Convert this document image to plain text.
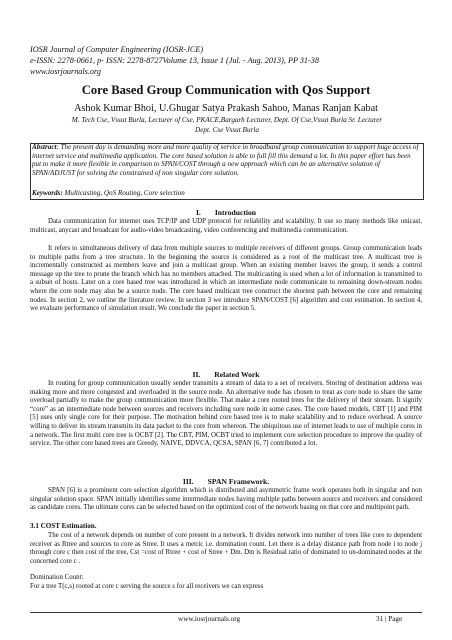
IOSR Journal of Computer Engineering (IOSR-JCE)
e-ISSN: 2278-0661, p- ISSN: 2278-8727Volume 13, Issue 1 (Jul. - Aug. 2013), PP 31-38
www.iosrjournals.org
Core Based Group Communication with Qos Support
Ashok Kumar Bhoi, U.Ghugar Satya Prakash Sahoo, Manas Ranjan Kabat
M. Tech Cse, Vssut Burla, Lecturer of Cse, PKACE,Bargarh Lecturer, Dept. Of Cse,Vssut Burla Sr. Lecturer
Dept. Cse Vssut Burla
Abstract: The present day is demanding more and more quality of service in broadband group communication to support huge access of internet service and multimedia application. The core based solution is able to full fill this demand a lot. In this paper effort has been put to make it more flexible in comparison to SPAN/COST through a new approach which can be an alternative solution of SPAN/ADJUST for solving the constrained of non singular core solution.
Keywords: Multicasting, QoS Routing, Core selection
I. Introduction
Data communication for internet uses TCP/IP and UDP protocol for reliability and scalability. It use so many methods like unicast, multicast, anycast and broadcast for audio-video broadcasting, video conferencing and multimedia communication.
It refers to simultaneous delivery of data from multiple sources to multiple receivers of different groups. Group communication leads to multiple paths from a tree structure. In the beginning the source is considered as a root of the multicast tree. A multicast tree is incrementally constructed as members leave and join a multicast group. When an existing member leaves the group, it sends a control message up the tree to prune the branch which has no members attached. The multicasting is used when a lot of information is transmitted to a subset of hosts. Later on a core based tree was introduced in which an intermediate node communicate to remaining down-stream nodes where the core node may also be a source node. The core based multicast tree construct the shortest path between the core and remaining nodes. In section 2, we outline the literature review. In section 3 we introduce SPAN/COST [6] algorithm and cost estimation. In section 4, we evaluate performance of simulation result. We conclude the paper in section 5.
II. Related Work
In routing for group communication usually sender transmits a stream of data to a set of receivers. Storing of destination address was making more and more congested and overloaded in the source node. An alternative node has chosen to treat as core node to share the same overload partially to make the group communication more flexible. That make a core rooted trees for the delivery of their stream. It signify “core” as an intermediate node between sources and receivers including sore node in some cases. The core based models, CBT [1] and PIM [5] uses only single core for their purpose. The motivation behind core based tree is to make scalability and to reduce overhead. A source willing to deliver its stream transmits its data packet to the core from whereon. The ubiquitous use of internet leads to use of multiple cores in a network. The first multi core tree is OCBT [2]. The CBT, PIM, OCBT tried to implement core selection procedure to improve the quality of service. The other core based trees are Greedy, NAIVE, DDVCA, QCSA, SPAN [6, 7] contributed a lot.
III. SPAN Framework.
SPAN [6] is a prominent core selection algorithm which is distributed and asymmetric frame work operates both in singular and non singular solution space. SPAN initially identifies some intermediate nodes having multiple paths between source and receivers and considered as candidate cores. The ultimate cores can be selected based on the optimized cost of the network basing on that core and multipoint path.
3.1 COST Estimation.
The cost of a network depends on number of core present in a network. It divides network into number of trees like core to dependent receiver as Rtree and sources to core as Stree. It uses a metric i.e. domination count. Let there is a delay distance path from node i to node j through core c then cost of the tree, Cst =cost of Rtree + cost of Stree + Dm. Dm is Residual ratio of dominated to un-dominated nodes at the concerned core c .
Domination Count:
For a tree T(c,s) rooted at core c serving the source s for all receivers we can express
www.iosrjournals.org	31 | Page
